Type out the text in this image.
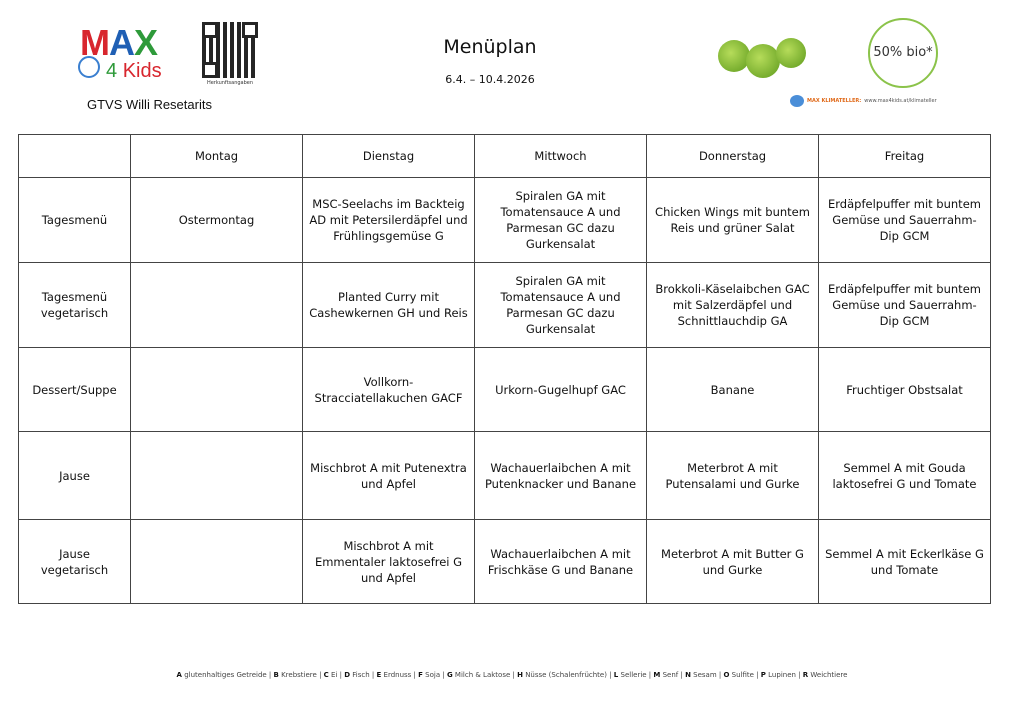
MAX
4 Kids
Herkunftsangaben
GTVS Willi Resetarits
Menüplan
6.4. – 10.4.2026
50% bio*
MAX KLIMATELLER: www.max4kids.at/klimateller
	Montag	Dienstag	Mittwoch	Donnerstag	Freitag
Tagesmenü	Ostermontag	MSC-Seelachs im Backteig AD mit Petersilerdäpfel und Frühlingsgemüse G	Spiralen GA mit Tomatensauce A und Parmesan GC dazu Gurkensalat	Chicken Wings mit buntem Reis und grüner Salat	Erdäpfelpuffer mit buntem Gemüse und Sauerrahm-Dip GCM
Tagesmenü vegetarisch		Planted Curry mit Cashewkernen GH und Reis	Spiralen GA mit Tomatensauce A und Parmesan GC dazu Gurkensalat	Brokkoli-Käselaibchen GAC mit Salzerdäpfel und Schnittlauchdip GA	Erdäpfelpuffer mit buntem Gemüse und Sauerrahm-Dip GCM
Dessert/Suppe		Vollkorn-Stracciatellakuchen GACF	Urkorn-Gugelhupf GAC	Banane	Fruchtiger Obstsalat
Jause		Mischbrot A mit Putenextra und Apfel	Wachauerlaibchen A mit Putenknacker und Banane	Meterbrot A mit Putensalami und Gurke	Semmel A mit Gouda laktosefrei G und Tomate
Jause vegetarisch		Mischbrot A mit Emmentaler laktosefrei G und Apfel	Wachauerlaibchen A mit Frischkäse G und Banane	Meterbrot A mit Butter G und Gurke	Semmel A mit Eckerlkäse G und Tomate
A glutenhaltiges Getreide | B Krebstiere | C Ei | D Fisch | E Erdnuss | F Soja | G Milch & Laktose | H Nüsse (Schalenfrüchte) | L Sellerie | M Senf | N Sesam | O Sulfite | P Lupinen | R Weichtiere
